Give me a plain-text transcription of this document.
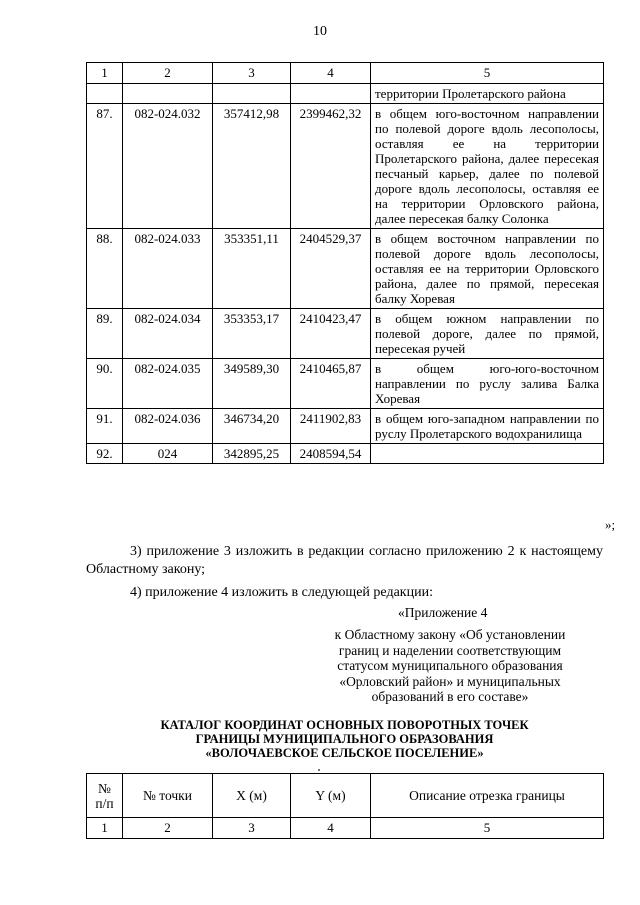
10
1	2	3	4	5
				территории Пролетарского района
87.	082-024.032	357412,98	2399462,32	в общем юго-восточном направлении по полевой дороге вдоль лесополосы, оставляя ее на территории Пролетарского района, далее пересекая песчаный карьер, далее по полевой дороге вдоль лесополосы, оставляя ее на территории Орловского района, далее пересекая балку Солонка
88.	082-024.033	353351,11	2404529,37	в общем восточном направлении по полевой дороге вдоль лесополосы, оставляя ее на территории Орловского района, далее по прямой, пересекая балку Хоревая
89.	082-024.034	353353,17	2410423,47	в общем южном направлении по полевой дороге, далее по прямой, пересекая ручей
90.	082-024.035	349589,30	2410465,87	в общем юго-юго-восточном направлении по руслу залива Балка Хоревая
91.	082-024.036	346734,20	2411902,83	в общем юго-западном направлении по руслу Пролетарского водохранилища
92.	024	342895,25	2408594,54	
»;
3) приложение 3 изложить в редакции согласно приложению 2 к настоящему Областному закону;
4) приложение 4 изложить в следующей редакции:
«Приложение 4
к Областному закону «Об установлении
границ и наделении соответствующим
статусом муниципального образования
«Орловский район» и муниципальных
образований в его составе»
КАТАЛОГ КООРДИНАТ ОСНОВНЫХ ПОВОРОТНЫХ ТОЧЕК
ГРАНИЦЫ МУНИЦИПАЛЬНОГО ОБРАЗОВАНИЯ
«ВОЛОЧАЕВСКОЕ СЕЛЬСКОЕ ПОСЕЛЕНИЕ»
№
п/п	№ точки	X (м)	Y (м)	Описание отрезка границы
1	2	3	4	5
